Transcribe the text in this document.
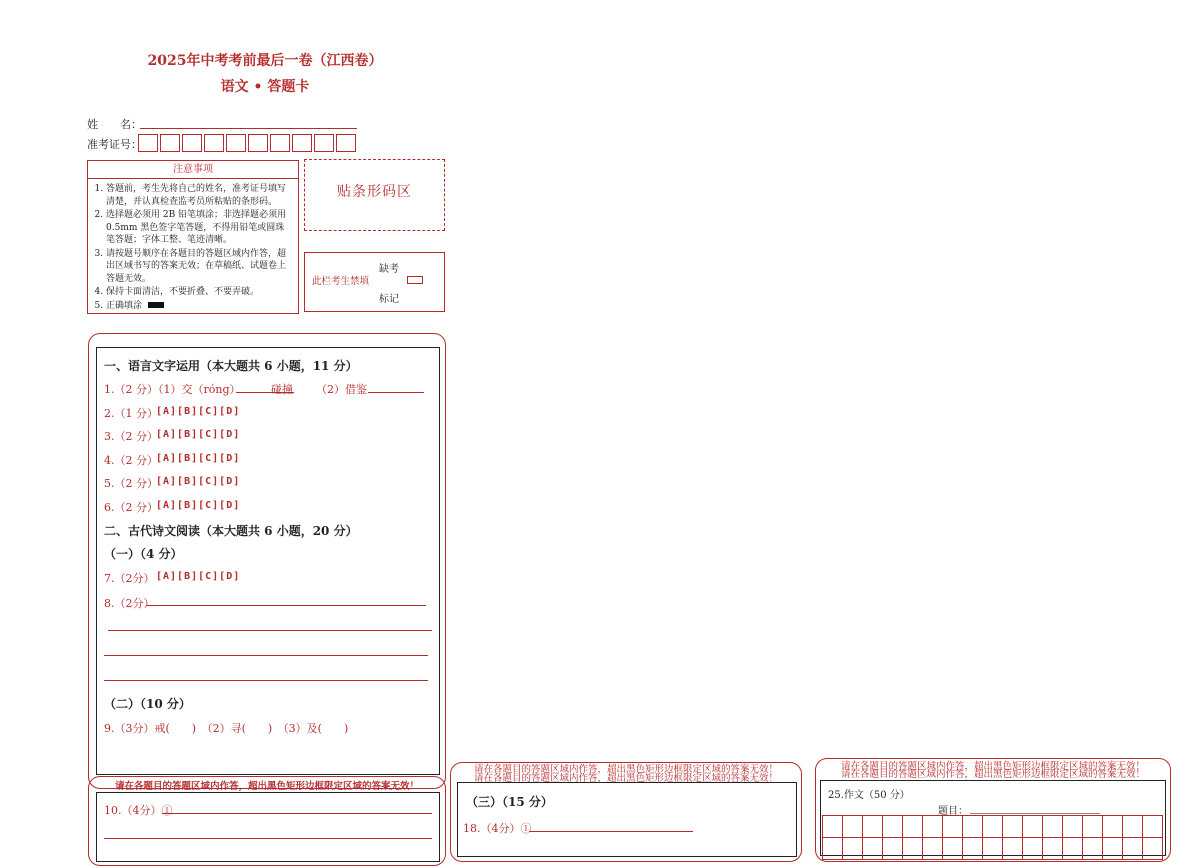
2025年中考考前最后一卷（江西卷）
语文 • 答题卡
姓　　名：
准考证号：
注意事项
1. 答题前，考生先将自己的姓名，准考证号填写清楚，并认真检查监考员所粘贴的条形码。
2. 选择题必须用 2B 铅笔填涂；非选择题必须用 0.5mm 黑色签字笔答题，不得用铅笔或圆珠笔答题；字体工整、笔迹清晰。
3. 请按题号顺序在各题目的答题区域内作答，超出区域书写的答案无效；在草稿纸、试题卷上答题无效。
4. 保持卡面清洁，不要折叠、不要弄破。
5. 正确填涂
贴条形码区
此栏考生禁填
缺考
标记
一、语言文字运用（本大题共 6 小题，11 分）
1.（2 分）（1）交（róng）	碰撞 （2）借鉴
2.（1 分）
[A][B][C][D]
3.（2 分）
[A][B][C][D]
4.（2 分）
[A][B][C][D]
5.（2 分）
[A][B][C][D]
6.（2 分）
[A][B][C][D]
二、古代诗文阅读（本大题共 6 小题，20 分）
（一）（4 分）
7.（2分） [A][B][C][D]
8.（2分）
（二）（10 分）
9.（3分）戒(　　)　（2）寻(　　)　（3）及(　　)
请在各题目的答题区域内作答，超出黑色矩形边框限定区域的答案无效！
10.（4分）①
请在各题目的答题区域内作答，超出黑色矩形边框限定区域的答案无效！
请在各题目的答题区域内作答，超出黑色矩形边框限定区域的答案无效！
（三）（15 分）
18.（4分）①
请在各题目的答题区域内作答，超出黑色矩形边框限定区域的答案无效！
请在各题目的答题区域内作答，超出黑色矩形边框限定区域的答案无效！
25.作文（50 分）
题目：
